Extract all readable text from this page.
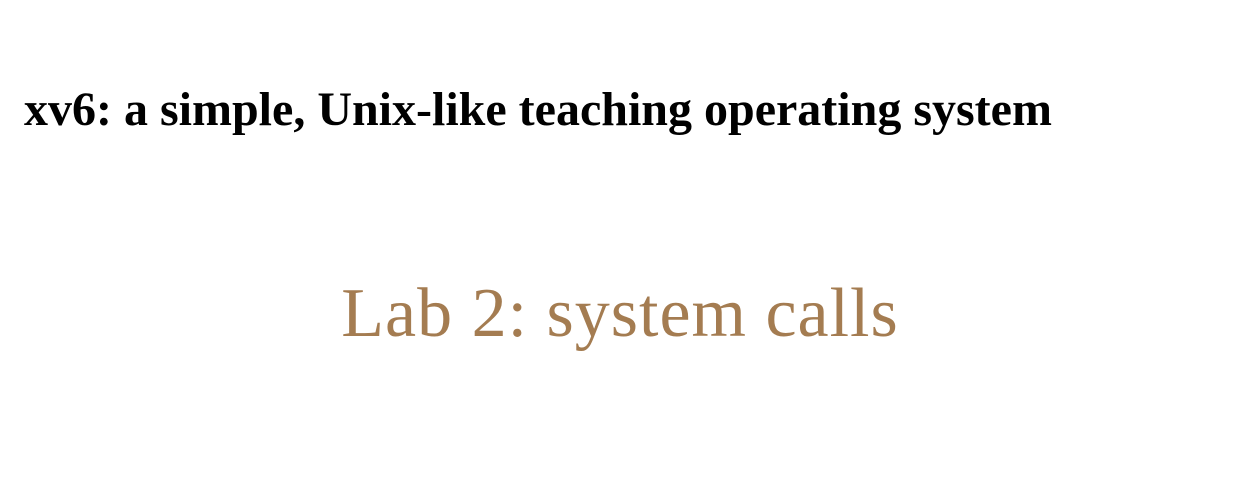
xv6: a simple, Unix-like teaching operating system
Lab 2: system calls
